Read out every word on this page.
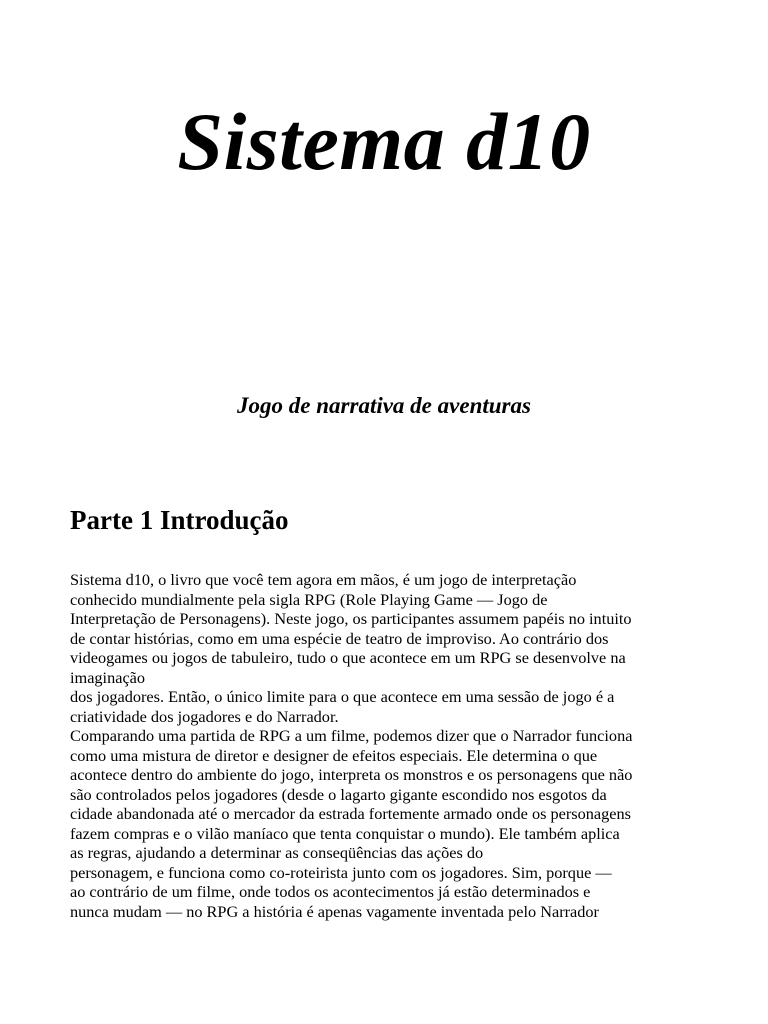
Sistema d10
Jogo de narrativa de aventuras
Parte 1 Introdução
Sistema d10, o livro que você tem agora em mãos, é um jogo de interpretação
conhecido mundialmente pela sigla RPG (Role Playing Game — Jogo de
Interpretação de Personagens). Neste jogo, os participantes assumem papéis no intuito
de contar histórias, como em uma espécie de teatro de improviso. Ao contrário dos
videogames ou jogos de tabuleiro, tudo o que acontece em um RPG se desenvolve na
imaginação
dos jogadores. Então, o único limite para o que acontece em uma sessão de jogo é a
criatividade dos jogadores e do Narrador.
Comparando uma partida de RPG a um filme, podemos dizer que o Narrador funciona
como uma mistura de diretor e designer de efeitos especiais. Ele determina o que
acontece dentro do ambiente do jogo, interpreta os monstros e os personagens que não
são controlados pelos jogadores (desde o lagarto gigante escondido nos esgotos da
cidade abandonada até o mercador da estrada fortemente armado onde os personagens
fazem compras e o vilão maníaco que tenta conquistar o mundo). Ele também aplica
as regras, ajudando a determinar as conseqüências das ações do
personagem, e funciona como co-roteirista junto com os jogadores. Sim, porque —
ao contrário de um filme, onde todos os acontecimentos já estão determinados e
nunca mudam — no RPG a história é apenas vagamente inventada pelo Narrador
